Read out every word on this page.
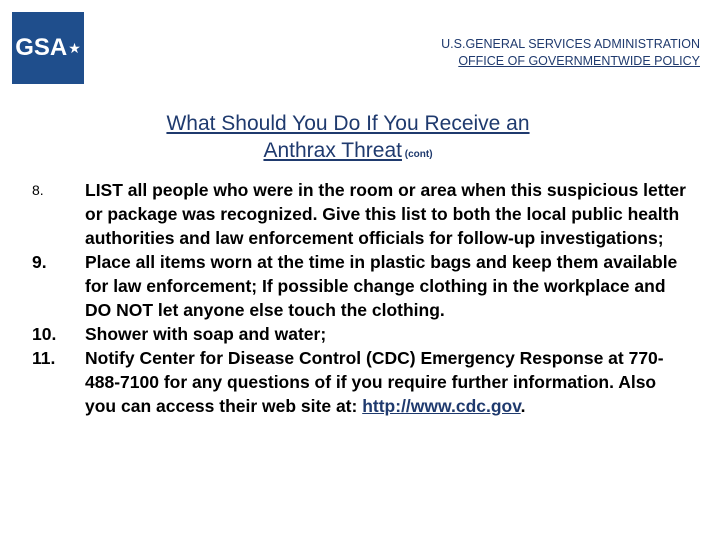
GSA ★	U.S.GENERAL SERVICES ADMINISTRATION
OFFICE OF GOVERNMENTWIDE POLICY
What Should You Do If You Receive an
Anthrax Threat (cont)
8.	LIST all people who were in the room or area when this suspicious letter or package was recognized. Give this list to both the local public health authorities and law enforcement officials for follow-up investigations;
9.	Place all items worn at the time in plastic bags and keep them available for law enforcement; If possible change clothing in the workplace and DO NOT let anyone else touch the clothing.
10.	Shower with soap and water;
11.	Notify Center for Disease Control (CDC) Emergency Response at 770-488-7100 for any questions of if you require further information. Also you can access their web site at: http://www.cdc.gov.
